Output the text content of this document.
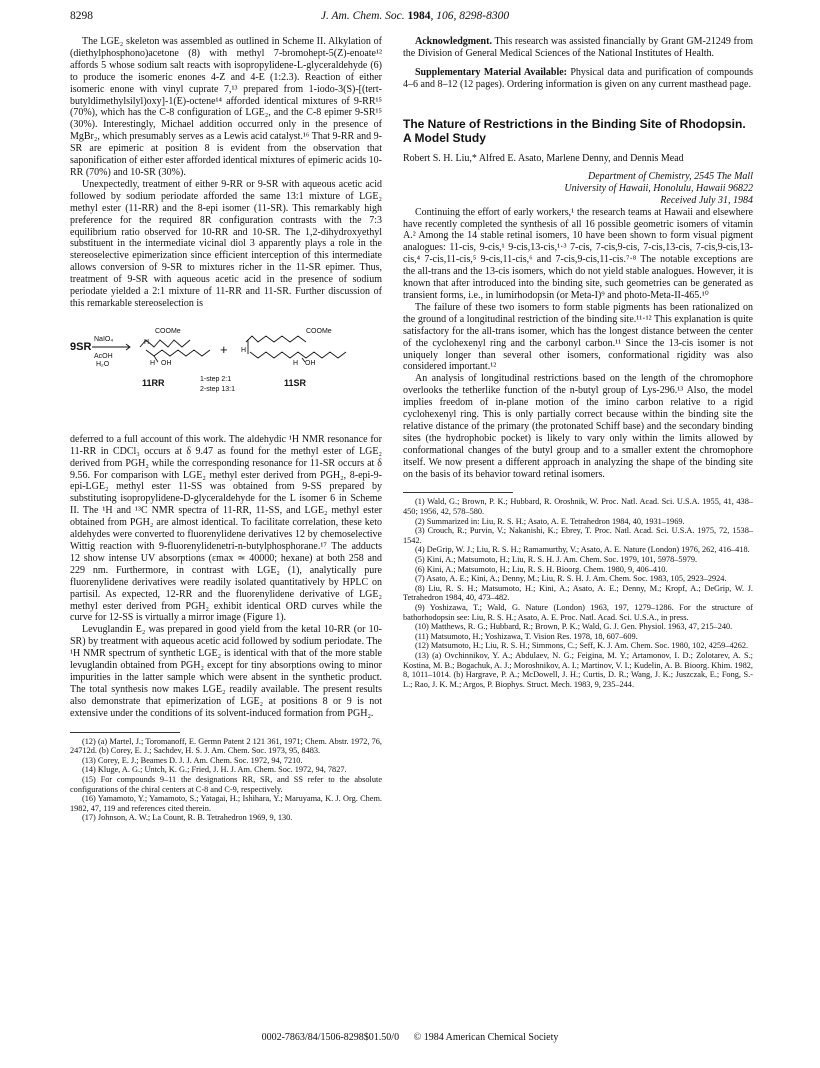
8298	J. Am. Chem. Soc. 1984, 106, 8298-8300

The LGE₂ skeleton was assembled as outlined in Scheme II. Alkylation of (diethylphosphono)acetone (8) with methyl 7-bromohept-5(Z)-enoate¹² affords 5 whose sodium salt reacts with isopropylidene-L-glyceraldehyde (6) to produce the isomeric enones 4-Z and 4-E (1:2.3). Reaction of either isomeric enone with vinyl cuprate 7,¹³ prepared from 1-iodo-3(S)-[(tert-butyldimethylsilyl)oxy]-1(E)-octene¹⁴ afforded identical mixtures of 9-RR¹⁵ (70%), which has the C-8 configuration of LGE₂, and the C-8 epimer 9-SR¹⁵ (30%). Interestingly, Michael addition occurred only in the presence of MgBr₂, which presumably serves as a Lewis acid catalyst.¹⁶ That 9-RR and 9-SR are epimeric at position 8 is evident from the observation that saponification of either ester afforded identical mixtures of epimeric acids 10-RR (70%) and 10-SR (30%).

Unexpectedly, treatment of either 9-RR or 9-SR with aqueous acetic acid followed by sodium periodate afforded the same 13:1 mixture of LGE₂ methyl ester (11-RR) and the 8-epi isomer (11-SR). This remarkably high preference for the required 8R configuration contrasts with the 7:3 equilibrium ratio observed for 10-RR and 10-SR. The 1,2-dihydroxyethyl substituent in the intermediate vicinal diol 3 apparently plays a role in the stereoselective epimerization since efficient interception of this intermediate allows conversion of 9-SR to mixtures richer in the 11-SR epimer. Thus, treatment of 9-SR with aqueous acetic acid in the presence of sodium periodate yielded a 2:1 mixture of 11-RR and 11-SR. Further discussion of this remarkable stereoselection is

9SR
NaIO₄
AcOH
H₂O
COOMe	COOMe
OH	OH
H
H
H
H
+
11RR	11SR
1-step 2:1
2-step 13:1

deferred to a full account of this work. The aldehydic ¹H NMR resonance for 11-RR in CDCl₃ occurs at δ 9.47 as found for the methyl ester of LGE₂ derived from PGH₂ while the corresponding resonance for 11-SR occurs at δ 9.56. For comparison with LGE₂ methyl ester derived from PGH₂, 8-epi-9-epi-LGE₂ methyl ester 11-SS was obtained from 9-SS prepared by substituting isopropylidene-D-glyceraldehyde for the L isomer 6 in Scheme II. The ¹H and ¹³C NMR spectra of 11-RR, 11-SS, and LGE₂ methyl ester obtained from PGH₂ are almost identical. To facilitate correlation, these keto aldehydes were converted to fluorenylidene derivatives 12 by chemoselective Wittig reaction with 9-fluorenylidenetri-n-butylphosphorane.¹⁷ The adducts 12 show intense UV absorptions (εmax ≃ 40000; hexane) at both 258 and 229 nm. Furthermore, in contrast with LGE₂ (1), analytically pure fluorenylidene derivatives were readily isolated quantitatively by HPLC on partisil. As expected, 12-RR and the fluorenylidene derivative of LGE₂ methyl ester derived from PGH₂ exhibit identical ORD curves while the curve for 12-SS is virtually a mirror image (Figure 1).

Levuglandin E₂ was prepared in good yield from the ketal 10-RR (or 10-SR) by treatment with aqueous acetic acid followed by sodium periodate. The ¹H NMR spectrum of synthetic LGE₂ is identical with that of the more stable levuglandin obtained from PGH₂ except for tiny absorptions owing to minor impurities in the latter sample which were absent in the synthetic product. The total synthesis now makes LGE₂ readily available. The present results also demonstrate that epimerization of LGE₂ at positions 8 or 9 is not extensive under the conditions of its solvent-induced formation from PGH₂.

(12) (a) Martel, J.; Toromanoff, E. Germn Patent 2 121 361, 1971; Chem. Abstr. 1972, 76, 24712d. (b) Corey, E. J.; Sachdev, H. S. J. Am. Chem. Soc. 1973, 95, 8483.

(13) Corey, E. J.; Beames D. J. J. Am. Chem. Soc. 1972, 94, 7210.

(14) Kluge, A. G.; Untch, K. G.; Fried, J. H. J. Am. Chem. Soc. 1972, 94, 7827.

(15) For compounds 9–11 the designations RR, SR, and SS refer to the absolute configurations of the chiral centers at C-8 and C-9, respectively.

(16) Yamamoto, Y.; Yamamoto, S.; Yatagai, H.; Ishihara, Y.; Maruyama, K. J. Org. Chem. 1982, 47, 119 and references cited therein.

(17) Johnson, A. W.; La Count, R. B. Tetrahedron 1969, 9, 130.

Acknowledgment. This research was assisted financially by Grant GM-21249 from the Division of General Medical Sciences of the National Institutes of Health.

Supplementary Material Available: Physical data and purification of compounds 4–6 and 8–12 (12 pages). Ordering information is given on any current masthead page.

The Nature of Restrictions in the Binding Site of Rhodopsin. A Model Study
Robert S. H. Liu,* Alfred E. Asato, Marlene Denny, and Dennis Mead

Department of Chemistry, 2545 The Mall

University of Hawaii, Honolulu, Hawaii 96822

Received July 31, 1984

Continuing the effort of early workers,¹ the research teams at Hawaii and elsewhere have recently completed the synthesis of all 16 possible geometric isomers of vitamin A.² Among the 14 stable retinal isomers, 10 have been shown to form visual pigment analogues: 11-cis, 9-cis,¹ 9-cis,13-cis,¹·³ 7-cis, 7-cis,9-cis, 7-cis,13-cis, 7-cis,9-cis,13-cis,⁴ 7-cis,11-cis,⁵ 9-cis,11-cis,⁶ and 7-cis,9-cis,11-cis.⁷·⁸ The notable exceptions are the all-trans and the 13-cis isomers, which do not yield stable analogues. However, it is known that after introduced into the binding site, such geometries can be generated as transient forms, i.e., in lumirhodopsin (or Meta-I)⁹ and photo-Meta-II-465.¹⁰

The failure of these two isomers to form stable pigments has been rationalized on the ground of a longitudinal restriction of the binding site.¹¹·¹² This explanation is quite satisfactory for the all-trans isomer, which has the longest distance between the center of the cyclohexenyl ring and the carbonyl carbon.¹¹ Since the 13-cis isomer is not uniquely longer than several other isomers, conformational rigidity was also considered important.¹²

An analysis of longitudinal restrictions based on the length of the chromophore overlooks the tetherlike function of the n-butyl group of Lys-296.¹³ Also, the model implies freedom of in-plane motion of the imino carbon relative to a rigid cyclohexenyl ring. This is only partially correct because within the binding site the relative distance of the primary (the protonated Schiff base) and the secondary binding sites (the hydrophobic pocket) is likely to vary only within the limits allowed by conformational changes of the butyl group and to a smaller extent the chromophore itself. We now present a different approach in analyzing the shape of the binding site on the basis of its behavior toward retinal isomers.

(1) Wald, G.; Brown, P. K.; Hubbard, R. Oroshnik, W. Proc. Natl. Acad. Sci. U.S.A. 1955, 41, 438–450; 1956, 42, 578–580.

(2) Summarized in: Liu, R. S. H.; Asato, A. E. Tetrahedron 1984, 40, 1931–1969.

(3) Crouch, R.; Purvin, V.; Nakanishi, K.; Ebrey, T. Proc. Natl. Acad. Sci. U.S.A. 1975, 72, 1538–1542.

(4) DeGrip, W. J.; Liu, R. S. H.; Ramamurthy, V.; Asato, A. E. Nature (London) 1976, 262, 416–418.

(5) Kini, A.; Matsumoto, H.; Liu, R. S. H. J. Am. Chem. Soc. 1979, 101, 5978–5979.

(6) Kini, A.; Matsumoto, H.; Liu, R. S. H. Bioorg. Chem. 1980, 9, 406–410.

(7) Asato, A. E.; Kini, A.; Denny, M.; Liu, R. S. H. J. Am. Chem. Soc. 1983, 105, 2923–2924.

(8) Liu, R. S. H.; Matsumoto, H.; Kini, A.; Asato, A. E.; Denny, M.; Kropf, A.; DeGrip, W. J. Tetrahedron 1984, 40, 473–482.

(9) Yoshizawa, T.; Wald, G. Nature (London) 1963, 197, 1279–1286. For the structure of bathorhodopsin see: Liu, R. S. H.; Asato, A. E. Proc. Natl. Acad. Sci. U.S.A., in press.

(10) Matthews, R. G.; Hubbard, R.; Brown, P. K.; Wald, G. J. Gen. Physiol. 1963, 47, 215–240.

(11) Matsumoto, H.; Yoshizawa, T. Vision Res. 1978, 18, 607–609.

(12) Matsumoto, H.; Liu, R. S. H.; Simmons, C.; Seff, K. J. Am. Chem. Soc. 1980, 102, 4259–4262.

(13) (a) Ovchinnikov, Y. A.; Abdulaev, N. G.; Feigina, M. Y.; Artamonov, I. D.; Zolotarev, A. S.; Kostina, M. B.; Bogachuk, A. J.; Moroshnikov, A. I.; Martinov, V. I.; Kudelin, A. B. Bioorg. Khim. 1982, 8, 1011–1014. (b) Hargrave, P. A.; McDowell, J. H.; Curtis, D. R.; Wang, J. K.; Juszczak, E.; Fong, S.-L.; Rao, J. K. M.; Argos, P. Biophys. Struct. Mech. 1983, 9, 235–244.

0002-7863/84/1506-8298$01.50/0 © 1984 American Chemical Society
